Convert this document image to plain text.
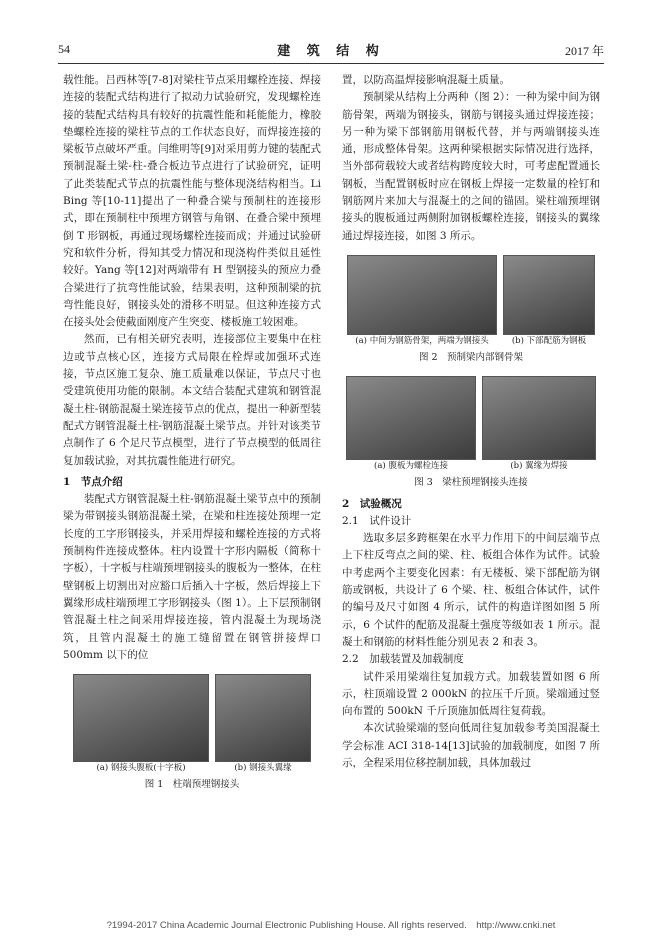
54	建 筑 结 构	2017 年

载性能。吕西林等[7-8]对梁柱节点采用螺栓连接、焊接连接的装配式结构进行了拟动力试验研究，发现螺栓连接的装配式结构具有较好的抗震性能和耗能能力，橡胶垫螺栓连接的梁柱节点的工作状态良好，而焊接连接的梁板节点破坏严重。闫维明等[9]对采用剪力键的装配式预制混凝土梁-柱-叠合板边节点进行了试验研究，证明了此类装配式节点的抗震性能与整体现浇结构相当。Li Bing 等[10-11]提出了一种叠合梁与预制柱的连接形式，即在预制柱中预埋方钢管与角钢、在叠合梁中预埋倒 T 形钢板，再通过现场螺栓连接而成；并通过试验研究和软件分析，得知其受力情况和现浇构件类似且延性较好。Yang 等[12]对两端带有 H 型钢接头的预应力叠合梁进行了抗弯性能试验，结果表明，这种预制梁的抗弯性能良好，钢接头处的滑移不明显。但这种连接方式在接头处会使截面刚度产生突变、楼板施工较困难。

然而，已有相关研究表明，连接部位主要集中在柱边或节点核心区，连接方式局限在栓焊或加强环式连接，节点区施工复杂、施工质量难以保证，节点尺寸也受建筑使用功能的限制。本文结合装配式建筑和钢管混凝土柱-钢筋混凝土梁连接节点的优点，提出一种新型装配式方钢管混凝土柱-钢筋混凝土梁节点。并针对该类节点制作了 6 个足尺节点模型，进行了节点模型的低周往复加载试验，对其抗震性能进行研究。

1　节点介绍

装配式方钢管混凝土柱-钢筋混凝土梁节点中的预制梁为带钢接头钢筋混凝土梁，在梁和柱连接处预埋一定长度的工字形钢接头，并采用焊接和螺栓连接的方式将预制构件连接成整体。柱内设置十字形内隔板（简称十字板），十字板与柱端预埋钢接头的腹板为一整体，在柱壁钢板上切割出对应豁口后插入十字板，然后焊接上下翼缘形成柱端预埋工字形钢接头（图 1）。上下层预制钢管混凝土柱之间采用焊接连接，管内混凝土为现场浇筑，且管内混凝土的施工缝留置在钢管拼接焊口 500mm 以下的位

(a) 钢接头腹板(十字板)	(b) 钢接头翼缘
图 1　柱端预埋钢接头

置，以防高温焊接影响混凝土质量。

预制梁从结构上分两种（图 2）：一种为梁中间为钢筋骨架，两端为钢接头，钢筋与钢接头通过焊接连接；另一种为梁下部钢筋用钢板代替，并与两端钢接头连通，形成整体骨架。这两种梁根据实际情况进行选择，当外部荷载较大或者结构跨度较大时，可考虑配置通长钢板，当配置钢板时应在钢板上焊接一定数量的栓钉和钢筋网片来加大与混凝土的之间的锚固。梁柱端预埋钢接头的腹板通过两侧附加钢板螺栓连接，钢接头的翼缘通过焊接连接，如图 3 所示。

(a) 中间为钢筋骨架，两端为钢接头	(b) 下部配筋为钢板
图 2　预制梁内部钢骨架
(a) 腹板为螺栓连接	(b) 翼缘为焊接
图 3　梁柱预埋钢接头连接
2　试验概况
2.1　试件设计

选取多层多跨框架在水平力作用下的中间层端节点上下柱反弯点之间的梁、柱、板组合体作为试件。试验中考虑两个主要变化因素：有无楼板、梁下部配筋为钢筋或钢板，共设计了 6 个梁、柱、板组合体试件，试件的编号及尺寸如图 4 所示，试件的构造详图如图 5 所示，6 个试件的配筋及混凝土强度等级如表 1 所示。混凝土和钢筋的材料性能分别见表 2 和表 3。

2.2　加载装置及加载制度

试件采用梁端往复加载方式。加载装置如图 6 所示，柱顶端设置 2 000kN 的拉压千斤顶。梁端通过竖向布置的 500kN 千斤顶施加低周往复荷载。

本次试验梁端的竖向低周往复加载参考美国混凝土学会标准 ACI 318-14[13]试验的加载制度，如图 7 所示，全程采用位移控制加载，具体加载过

?1994-2017 China Academic Journal Electronic Publishing House. All rights reserved.　http://www.cnki.net
